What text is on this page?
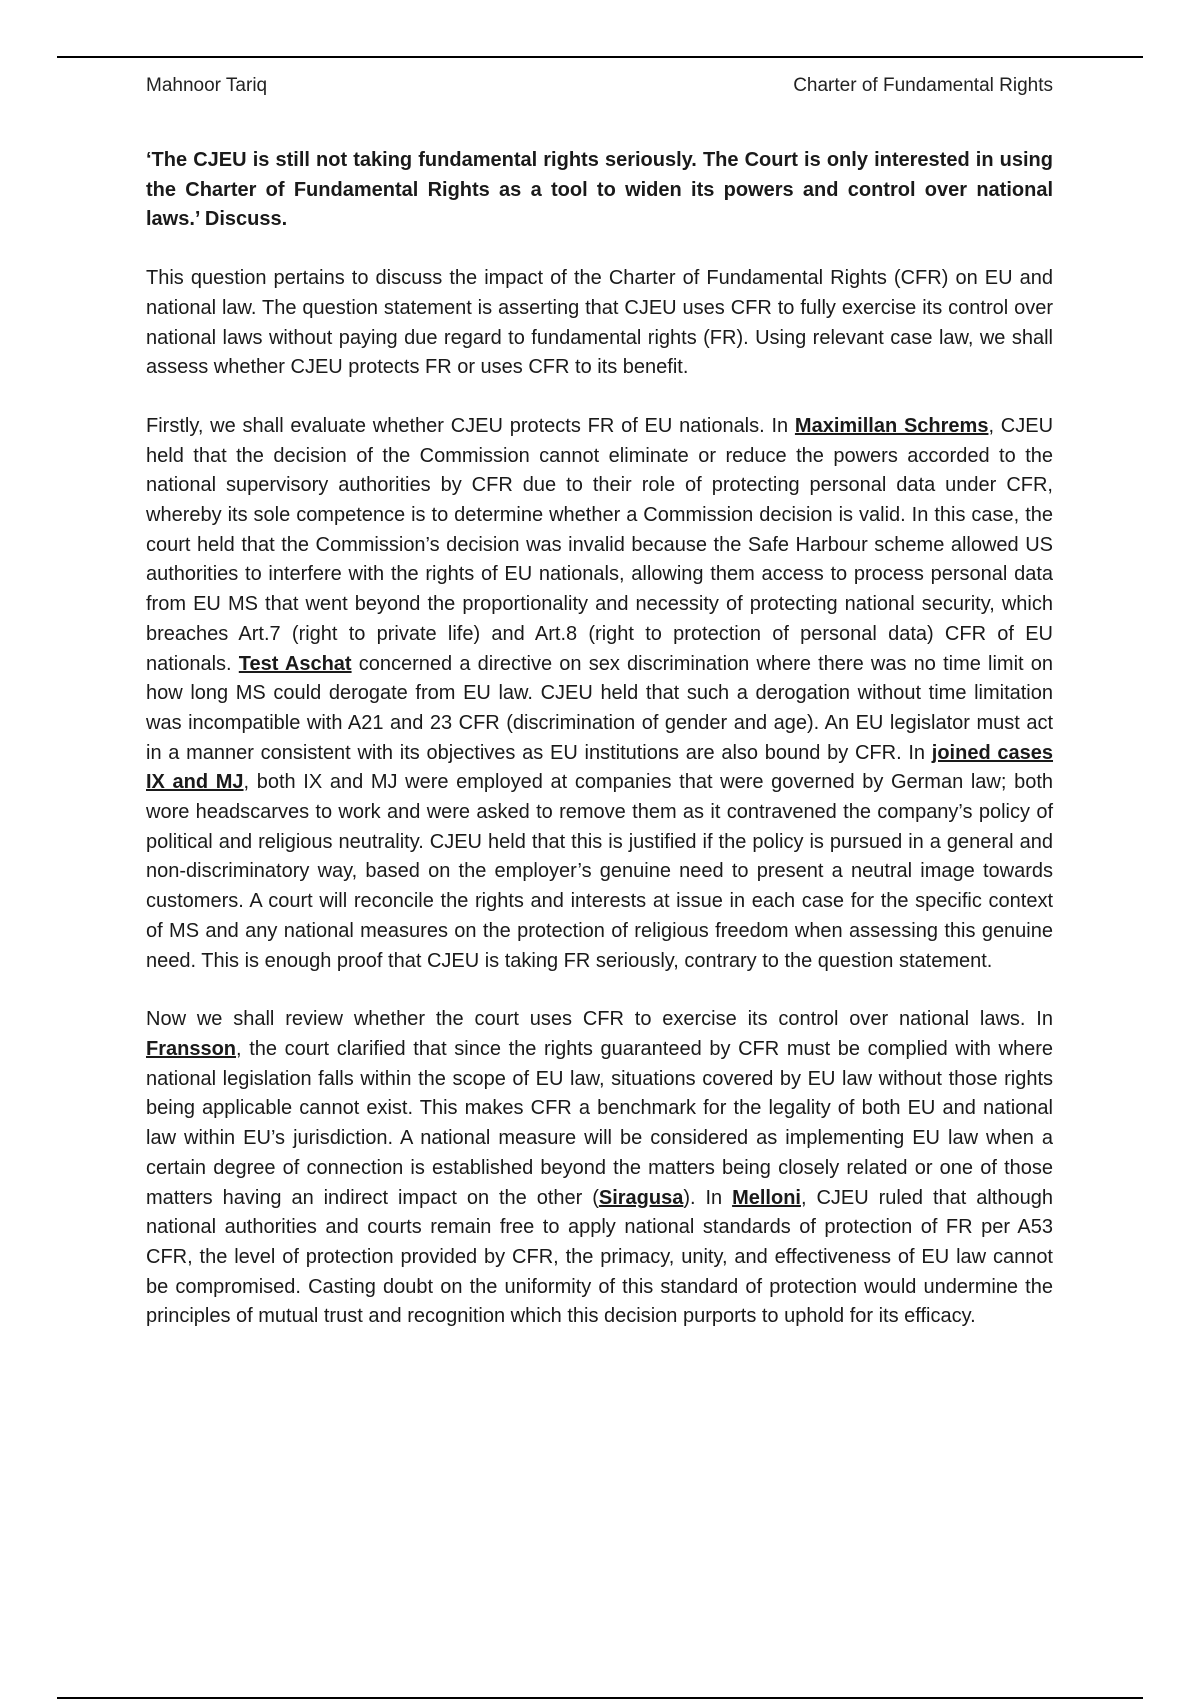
Mahnoor Tariq	Charter of Fundamental Rights

‘The CJEU is still not taking fundamental rights seriously. The Court is only interested in using the Charter of Fundamental Rights as a tool to widen its powers and control over national laws.’ Discuss.

This question pertains to discuss the impact of the Charter of Fundamental Rights (CFR) on EU and national law. The question statement is asserting that CJEU uses CFR to fully exercise its control over national laws without paying due regard to fundamental rights (FR). Using relevant case law, we shall assess whether CJEU protects FR or uses CFR to its benefit.

Firstly, we shall evaluate whether CJEU protects FR of EU nationals. In Maximillan Schrems, CJEU held that the decision of the Commission cannot eliminate or reduce the powers accorded to the national supervisory authorities by CFR due to their role of protecting personal data under CFR, whereby its sole competence is to determine whether a Commission decision is valid. In this case, the court held that the Commission’s decision was invalid because the Safe Harbour scheme allowed US authorities to interfere with the rights of EU nationals, allowing them access to process personal data from EU MS that went beyond the proportionality and necessity of protecting national security, which breaches Art.7 (right to private life) and Art.8 (right to protection of personal data) CFR of EU nationals. Test Aschat concerned a directive on sex discrimination where there was no time limit on how long MS could derogate from EU law. CJEU held that such a derogation without time limitation was incompatible with A21 and 23 CFR (discrimination of gender and age). An EU legislator must act in a manner consistent with its objectives as EU institutions are also bound by CFR. In joined cases IX and MJ, both IX and MJ were employed at companies that were governed by German law; both wore headscarves to work and were asked to remove them as it contravened the company’s policy of political and religious neutrality. CJEU held that this is justified if the policy is pursued in a general and non-discriminatory way, based on the employer’s genuine need to present a neutral image towards customers. A court will reconcile the rights and interests at issue in each case for the specific context of MS and any national measures on the protection of religious freedom when assessing this genuine need. This is enough proof that CJEU is taking FR seriously, contrary to the question statement.

Now we shall review whether the court uses CFR to exercise its control over national laws. In Fransson, the court clarified that since the rights guaranteed by CFR must be complied with where national legislation falls within the scope of EU law, situations covered by EU law without those rights being applicable cannot exist. This makes CFR a benchmark for the legality of both EU and national law within EU’s jurisdiction. A national measure will be considered as implementing EU law when a certain degree of connection is established beyond the matters being closely related or one of those matters having an indirect impact on the other (Siragusa). In Melloni, CJEU ruled that although national authorities and courts remain free to apply national standards of protection of FR per A53 CFR, the level of protection provided by CFR, the primacy, unity, and effectiveness of EU law cannot be compromised. Casting doubt on the uniformity of this standard of protection would undermine the principles of mutual trust and recognition which this decision purports to uphold for its efficacy.
